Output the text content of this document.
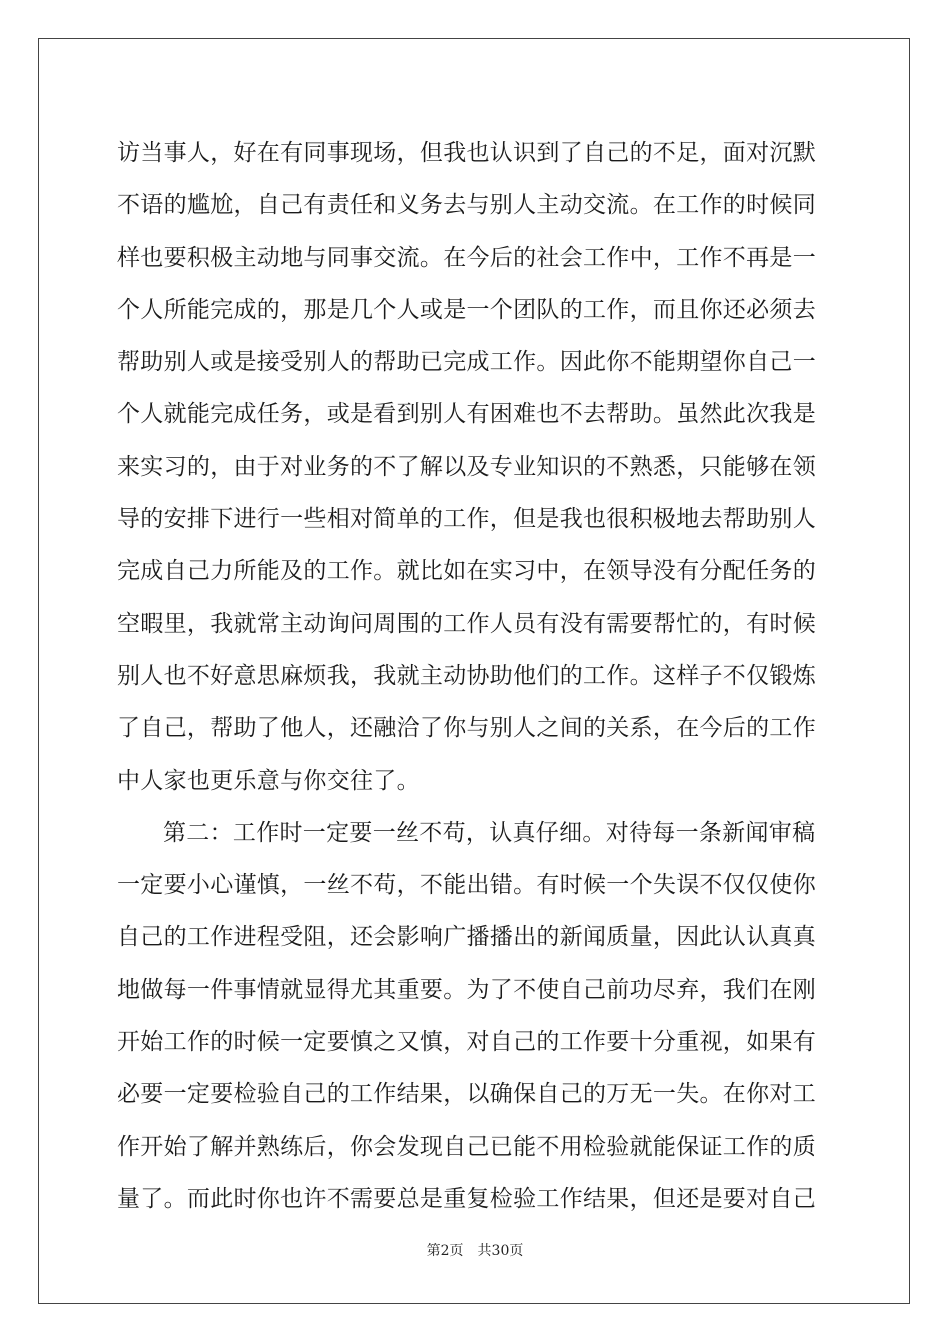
访当事人，好在有同事现场，但我也认识到了自己的不足，面对沉默
不语的尴尬，自己有责任和义务去与别人主动交流。在工作的时候同
样也要积极主动地与同事交流。在今后的社会工作中，工作不再是一
个人所能完成的，那是几个人或是一个团队的工作，而且你还必须去
帮助别人或是接受别人的帮助已完成工作。因此你不能期望你自己一
个人就能完成任务，或是看到别人有困难也不去帮助。虽然此次我是
来实习的，由于对业务的不了解以及专业知识的不熟悉，只能够在领
导的安排下进行一些相对简单的工作，但是我也很积极地去帮助别人
完成自己力所能及的工作。就比如在实习中，在领导没有分配任务的
空暇里，我就常主动询问周围的工作人员有没有需要帮忙的，有时候
别人也不好意思麻烦我，我就主动协助他们的工作。这样子不仅锻炼
了自己，帮助了他人，还融洽了你与别人之间的关系，在今后的工作
中人家也更乐意与你交往了。
第二：工作时一定要一丝不苟，认真仔细。对待每一条新闻审稿
一定要小心谨慎，一丝不苟，不能出错。有时候一个失误不仅仅使你
自己的工作进程受阻，还会影响广播播出的新闻质量，因此认认真真
地做每一件事情就显得尤其重要。为了不使自己前功尽弃，我们在刚
开始工作的时候一定要慎之又慎，对自己的工作要十分重视，如果有
必要一定要检验自己的工作结果，以确保自己的万无一失。在你对工
作开始了解并熟练后，你会发现自己已能不用检验就能保证工作的质
量了。而此时你也许不需要总是重复检验工作结果，但还是要对自己
第2页　共30页
